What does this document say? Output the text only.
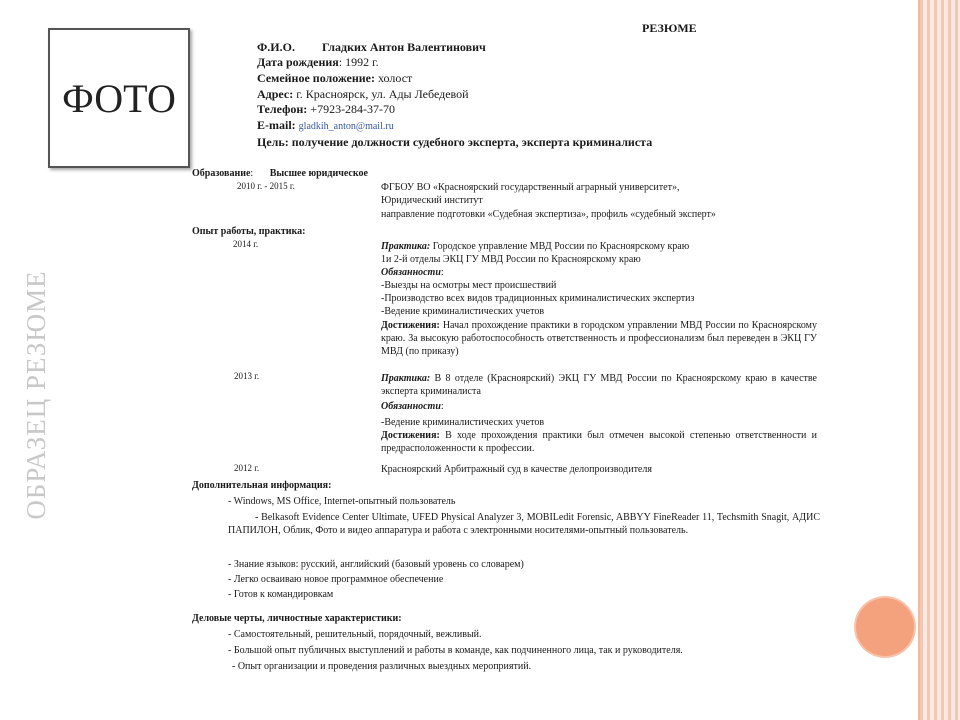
ОБРАЗЕЦ РЕЗЮМЕ
ФОТО
РЕЗЮМЕ
Ф.И.О. Гладких Антон Валентинович
Дата рождения: 1992 г.
Семейное положение: холост
Адрес: г. Красноярск, ул. Ады Лебедевой
Телефон: +7923-284-37-70
E-mail: gladkih_anton@mail.ru
Цель: получение должности судебного эксперта, эксперта криминалиста
Образование: Высшее юридическое
2010 г. - 2015 г.	ФГБОУ ВО «Красноярский государственный аграрный университет»,
Юридический институт
направление подготовки «Судебная экспертиза», профиль «судебный эксперт»
Опыт работы, практика:
2014 г.	Практика: Городское управление МВД России по Красноярскому краю
1и 2-й отделы ЭКЦ ГУ МВД России по Красноярскому краю
Обязанности:
-Выезды на осмотры мест происшествий
-Производство всех видов традиционных криминалистических экспертиз
-Ведение криминалистических учетов
Достижения: Начал прохождение практики в городском управлении МВД России по Красноярскому краю. За высокую работоспособность ответственность и профессионализм был переведен в ЭКЦ ГУ МВД (по приказу)
2013 г.	Практика: В 8 отделе (Красноярский) ЭКЦ ГУ МВД России по Красноярскому краю в качестве эксперта криминалиста
Обязанности:
-Ведение криминалистических учетов
Достижения: В ходе прохождения практики был отмечен высокой степенью ответственности и предрасположенности к профессии.
2012 г.	Красноярский Арбитражный суд в качестве делопроизводителя
Дополнительная информация:
- Windows, MS Office, Internet-опытный пользователь
- Belkasoft Evidence Center Ultimate, UFED Physical Analyzer 3, MOBILedit Forensic, ABBYY FineReader 11, Techsmith Snagit, АДИС ПАПИЛОН, Облик, Фото и видео аппаратура и работа с электронными носителями-опытный пользователь.
- Знание языков: русский, английский (базовый уровень со словарем)
- Легко осваиваю новое программное обеспечение
- Готов к командировкам
Деловые черты, личностные характеристики:
- Самостоятельный, решительный, порядочный, вежливый.
- Большой опыт публичных выступлений и работы в команде, как подчиненного лица, так и руководителя.
- Опыт организации и проведения различных выездных мероприятий.
